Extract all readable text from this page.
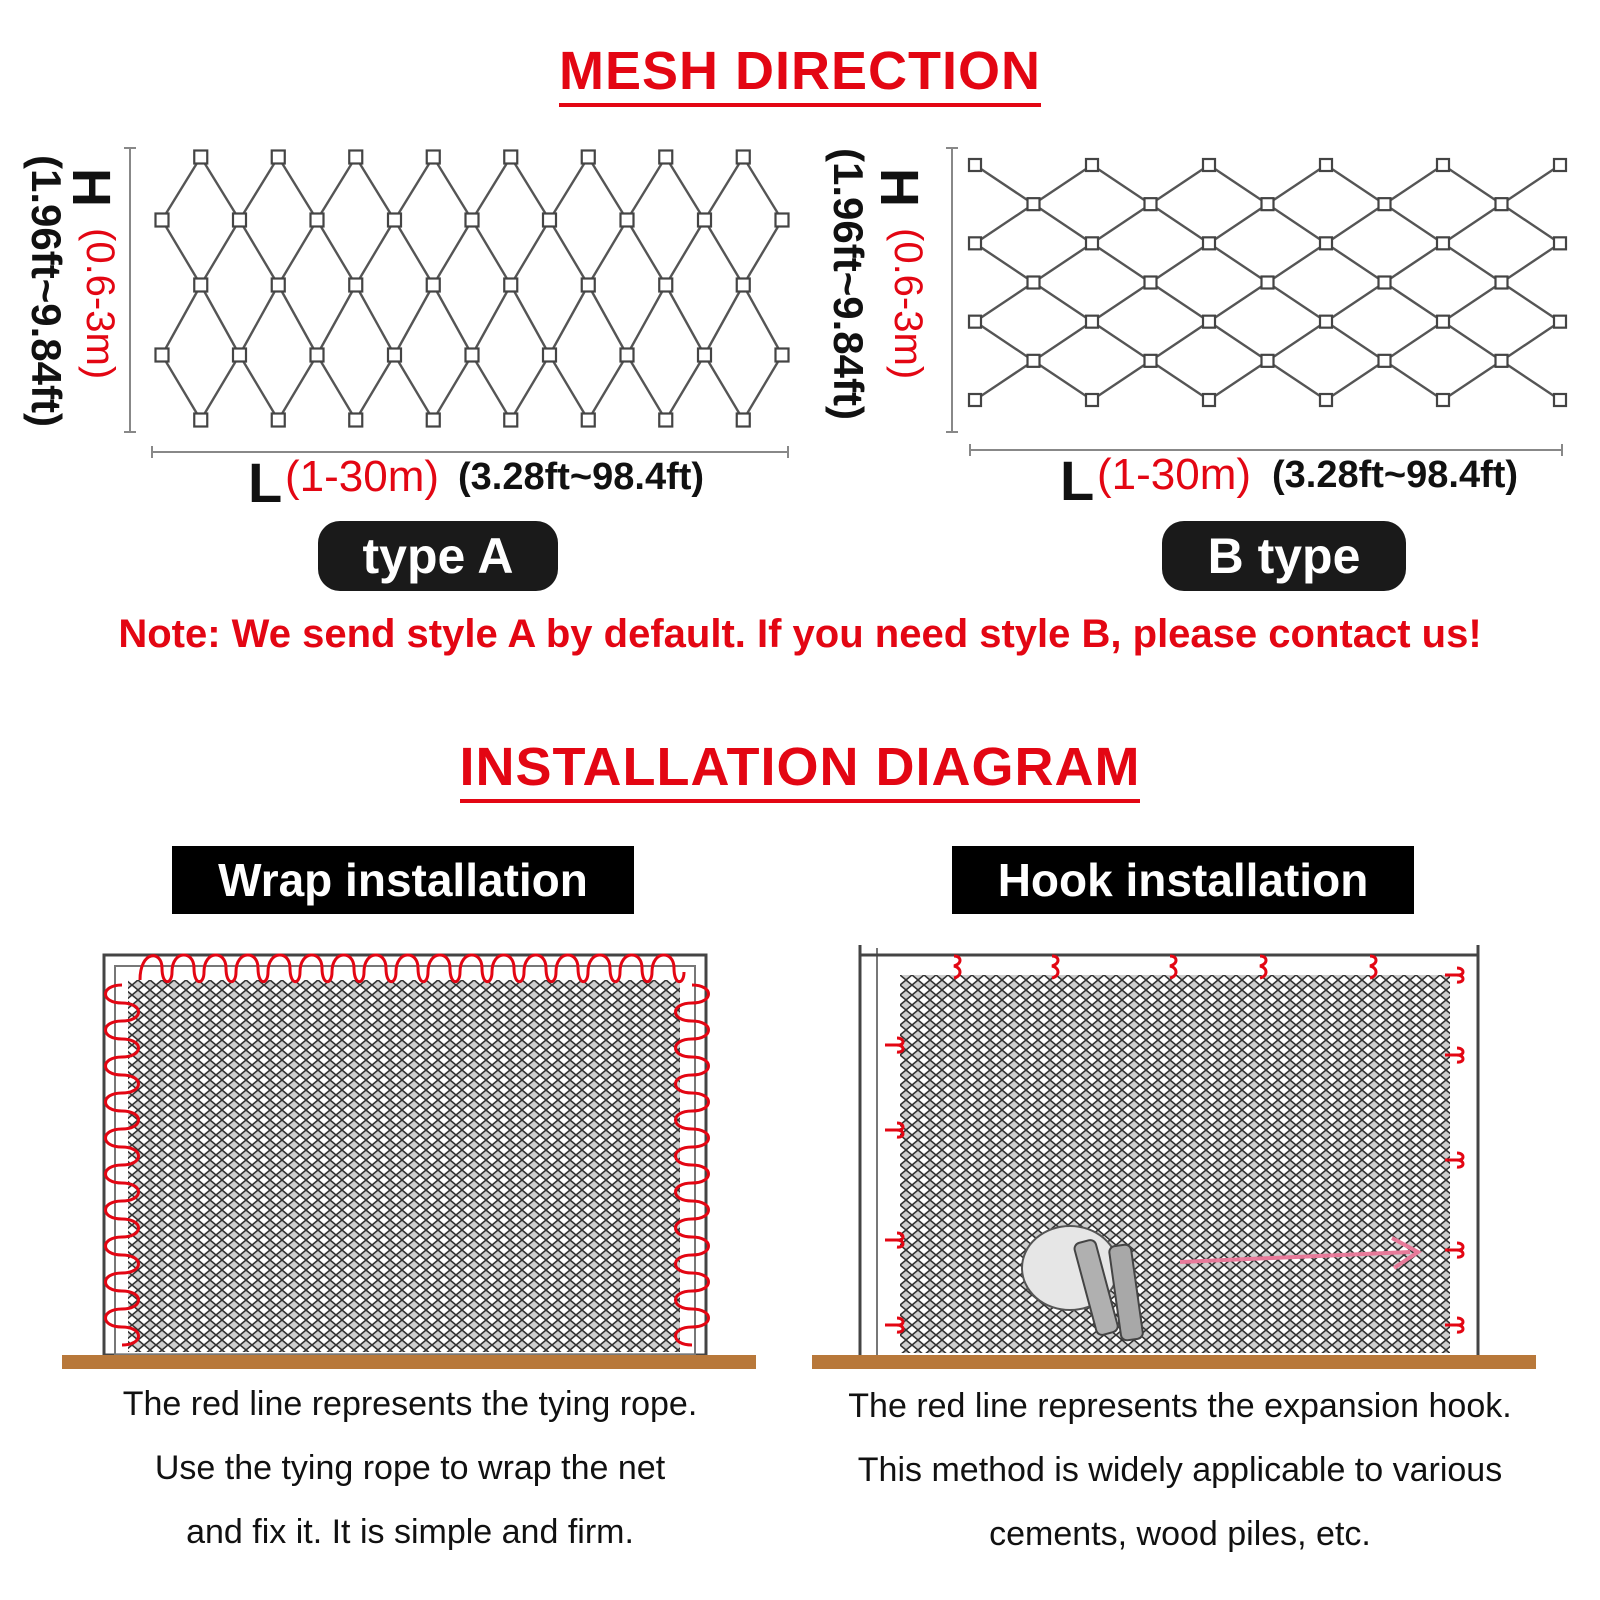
MESH DIRECTION
(1.96ft~9.84ft)
H
(0.6-3m)
L (1-30m) (3.28ft~98.4ft)
type A
(1.96ft~9.84ft)
H
(0.6-3m)
L (1-30m) (3.28ft~98.4ft)
B type
Note: We send style A by default. If you need style B, please contact us!
INSTALLATION DIAGRAM
Wrap installation
The red line represents the tying rope.
Use the tying rope to wrap the net
and fix it. It is simple and firm.
Hook installation
The red line represents the expansion hook.
This method is widely applicable to various
cements, wood piles, etc.
